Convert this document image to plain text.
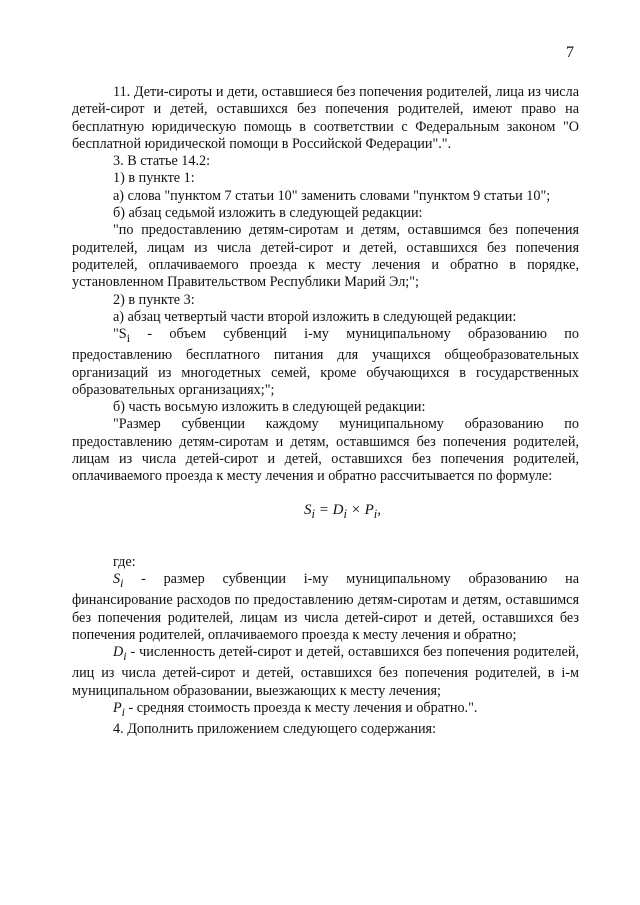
7

11. Дети-сироты и дети, оставшиеся без попечения родителей, лица из числа детей-сирот и детей, оставшихся без попечения родителей, имеют право на бесплатную юридическую помощь в соответствии с Федеральным законом "О бесплатной юридической помощи в Российской Федерации".".

3. В статье 14.2:

1) в пункте 1:

а) слова "пунктом 7 статьи 10" заменить словами "пунктом 9 статьи 10";

б) абзац седьмой изложить в следующей редакции:

"по предоставлению детям-сиротам и детям, оставшимся без попечения родителей, лицам из числа детей-сирот и детей, оставшихся без попечения родителей, оплачиваемого проезда к месту лечения и обратно в порядке, установленном Правительством Республики Марий Эл;";

2) в пункте 3:

а) абзац четвертый части второй изложить в следующей редакции:

"$S_i$ - объем субвенций i-му муниципальному образованию по предоставлению бесплатного питания для учащихся общеобразовательных организаций из многодетных семей, кроме обучающихся в государственных образовательных организациях;";

б) часть восьмую изложить в следующей редакции:

"Размер субвенции каждому муниципальному образованию по предоставлению детям-сиротам и детям, оставшимся без попечения родителей, лицам из числа детей-сирот и детей, оставшихся без попечения родителей, оплачиваемого проезда к месту лечения и обратно рассчитывается по формуле:

$S_i = D_i \times P_i$,

где:

$S_i$ - размер субвенции i-му муниципальному образованию на финансирование расходов по предоставлению детям-сиротам и детям, оставшимся без попечения родителей, лицам из числа детей-сирот и детей, оставшихся без попечения родителей, оплачиваемого проезда к месту лечения и обратно;

$D_i$ - численность детей-сирот и детей, оставшихся без попечения родителей, лиц из числа детей-сирот и детей, оставшихся без попечения родителей, в i-м муниципальном образовании, выезжающих к месту лечения;

$P_i$ - средняя стоимость проезда к месту лечения и обратно.".

4. Дополнить приложением следующего содержания:
